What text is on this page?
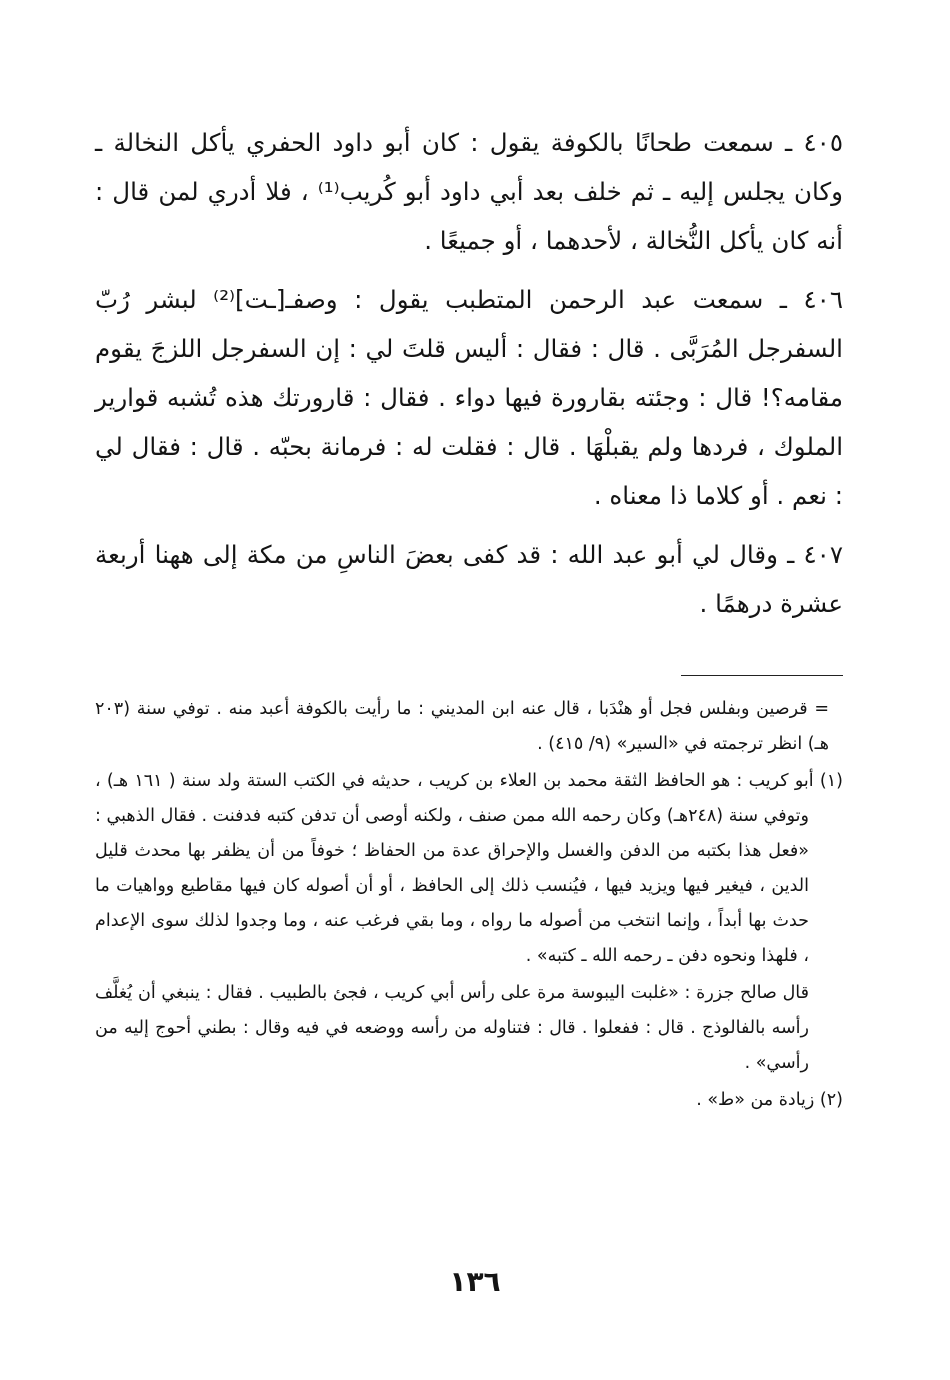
٤٠٥ ـ سمعت طحانًا بالكوفة يقول : كان أبو داود الحفري يأكل النخالة ـ وكان يجلس إليه ـ ثم خلف بعد أبي داود أبو كُريب⁽¹⁾ ، فلا أدري لمن قال : أنه كان يأكل النُّخالة ، لأحدهما ، أو جميعًا .

٤٠٦ ـ سمعت عبد الرحمن المتطبب يقول : وصفـ[ـت]⁽²⁾ لبشر رُبّ السفرجل المُرَبَّى . قال : فقال : أليس قلتَ لي : إن السفرجل اللزجَ يقوم مقامه؟! قال : وجئته بقارورة فيها دواء . فقال : قارورتك هذه تُشبه قوارير الملوك ، فردها ولم يقبلْهَا . قال : فقلت له : فرمانة بحبّه . قال : فقال لي : نعم . أو كلاما ذا معناه .

٤٠٧ ـ وقال لي أبو عبد الله : قد كفى بعضَ الناسِ من مكة إلى ههنا أربعة عشرة درهمًا .

= قرصين وبفلس فجل أو هنْدَبا ، قال عنه ابن المديني : ما رأيت بالكوفة أعبد منه . توفي سنة (٢٠٣ هـ) انظر ترجمته في «السير» (٩/ ٤١٥) .

(١) أبو كريب : هو الحافظ الثقة محمد بن العلاء بن كريب ، حديثه في الكتب الستة ولد سنة ( ١٦١ هـ) ، وتوفي سنة (٢٤٨هـ) وكان رحمه الله ممن صنف ، ولكنه أوصى أن تدفن كتبه فدفنت . فقال الذهبي : «فعل هذا بكتبه من الدفن والغسل والإحراق عدة من الحفاظ ؛ خوفاً من أن يظفر بها محدث قليل الدين ، فيغير فيها ويزيد فيها ، فيُنسب ذلك إلى الحافظ ، أو أن أصوله كان فيها مقاطيع وواهيات ما حدث بها أبداً ، وإنما انتخب من أصوله ما رواه ، وما بقي فرغب عنه ، وما وجدوا لذلك سوى الإعدام ، فلهذا ونحوه دفن ـ رحمه الله ـ كتبه» .

قال صالح جزرة : «غلبت اليبوسة مرة على رأس أبي كريب ، فجئ بالطبيب . فقال : ينبغي أن يُغلَّف رأسه بالفالوذج . قال : ففعلوا . قال : فتناوله من رأسه ووضعه في فيه وقال : بطني أحوج إليه من رأسي» .

(٢) زيادة من «ط» .

١٣٦
